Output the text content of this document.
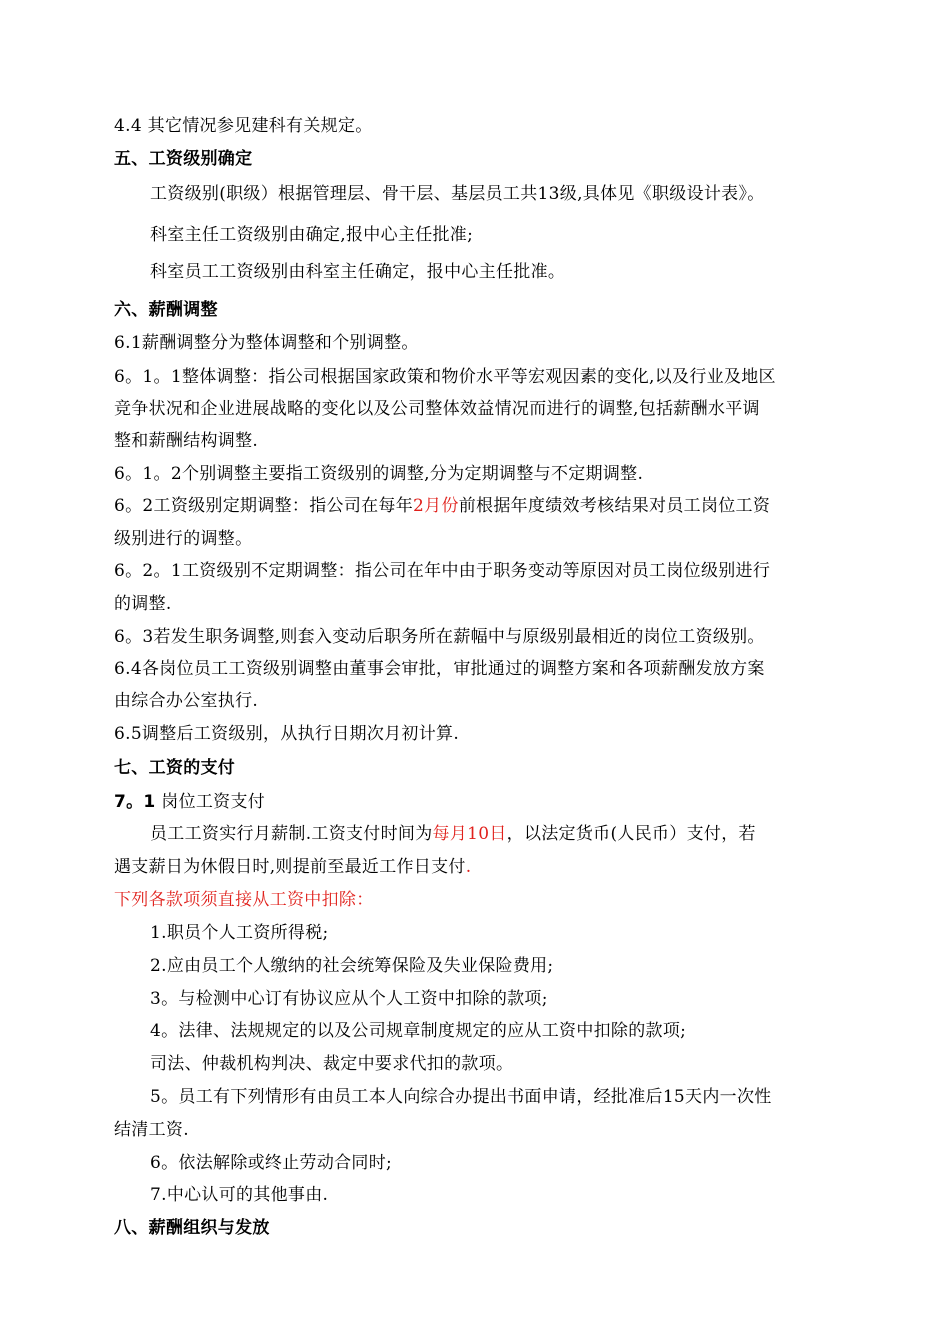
4.4 其它情况参见建科有关规定。
五、工资级别确定
工资级别(职级）根据管理层、骨干层、基层员工共13级,具体见《职级设计表》。
科室主任工资级别由确定,报中心主任批准;
科室员工工资级别由科室主任确定，报中心主任批准。
六、薪酬调整
6.1薪酬调整分为整体调整和个别调整。
6。1。1整体调整：指公司根据国家政策和物价水平等宏观因素的变化,以及行业及地区
竞争状况和企业进展战略的变化以及公司整体效益情况而进行的调整,包括薪酬水平调
整和薪酬结构调整.
6。1。2个别调整主要指工资级别的调整,分为定期调整与不定期调整.
6。2工资级别定期调整：指公司在每年2月份前根据年度绩效考核结果对员工岗位工资
级别进行的调整。
6。2。1工资级别不定期调整：指公司在年中由于职务变动等原因对员工岗位级别进行
的调整.
6。3若发生职务调整,则套入变动后职务所在薪幅中与原级别最相近的岗位工资级别。
6.4各岗位员工工资级别调整由董事会审批，审批通过的调整方案和各项薪酬发放方案
由综合办公室执行.
6.5调整后工资级别，从执行日期次月初计算.
七、工资的支付
7。1 岗位工资支付
员工工资实行月薪制.工资支付时间为每月10日，以法定货币(人民币）支付，若
遇支薪日为休假日时,则提前至最近工作日支付.
下列各款项须直接从工资中扣除：
1.职员个人工资所得税;
2.应由员工个人缴纳的社会统筹保险及失业保险费用;
3。与检测中心订有协议应从个人工资中扣除的款项;
4。法律、法规规定的以及公司规章制度规定的应从工资中扣除的款项;
司法、仲裁机构判决、裁定中要求代扣的款项。
5。员工有下列情形有由员工本人向综合办提出书面申请，经批准后15天内一次性
结清工资.
6。依法解除或终止劳动合同时;
7.中心认可的其他事由.
八、薪酬组织与发放
